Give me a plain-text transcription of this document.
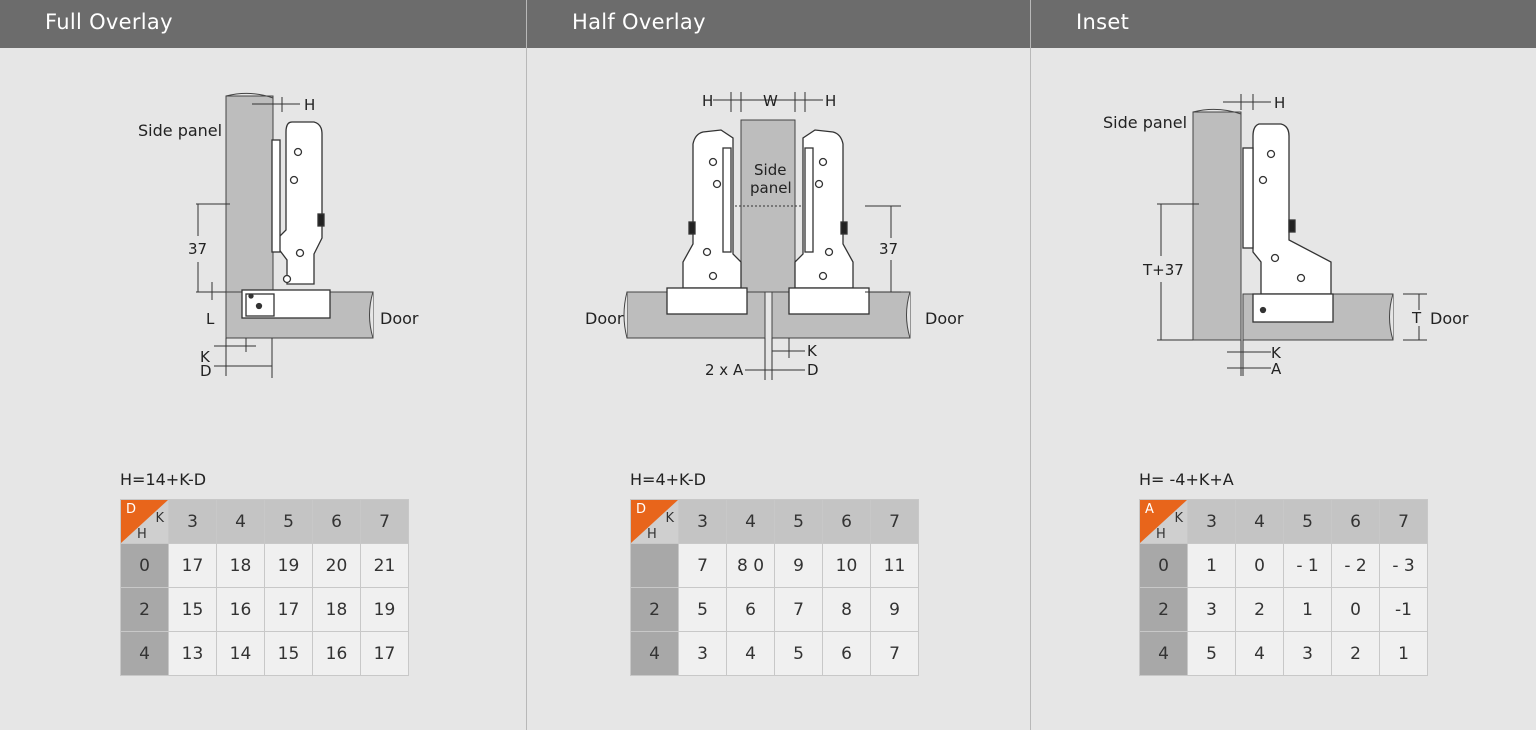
Full Overlay
Side panel
H
37
L	Door
K
D
H=14+K-D
D
K
H	3	4	5	6	7
0	17	18	19	20	21
2	15	16	17	18	19
4	13	14	15	16	17
Half Overlay
H	W	H
Side
panel
37
Door	Door
K
2 x A	D
H=4+K-D
D
K
H	3	4	5	6	7
	7	8 0	9	10	11
2	5	6	7	8	9
4	3	4	5	6	7
Inset
H
Side panel
T+37
T Door
K
A
H= -4+K+A
A
K
H	3	4	5	6	7
0	1	0	- 1	- 2	- 3
2	3	2	1	0	-1
4	5	4	3	2	1
